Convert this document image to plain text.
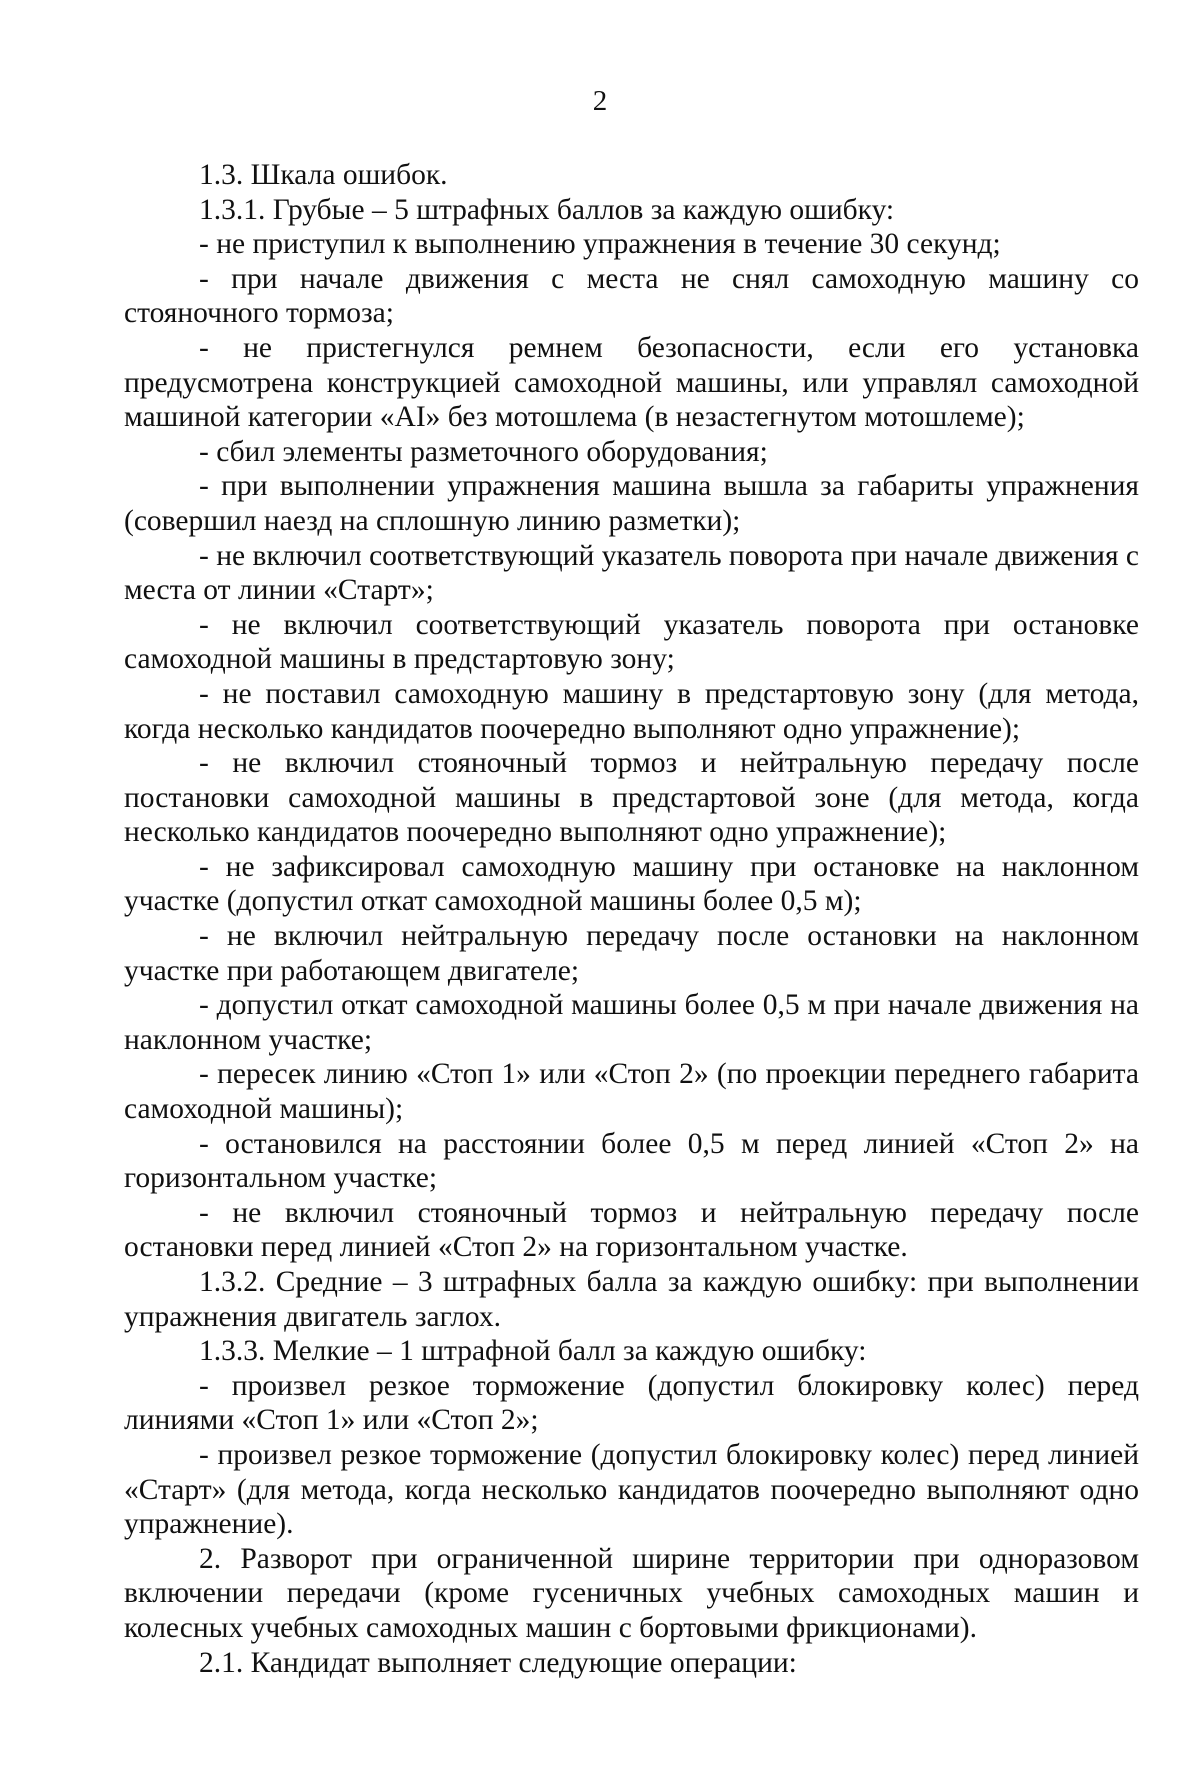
2

1.3. Шкала ошибок.

1.3.1. Грубые – 5 штрафных баллов за каждую ошибку:

- не приступил к выполнению упражнения в течение 30 секунд;

- при начале движения с места не снял самоходную машину со стояночного тормоза;

- не пристегнулся ремнем безопасности, если его установка предусмотрена конструкцией самоходной машины, или управлял самоходной машиной категории «AI» без мотошлема (в незастегнутом мотошлеме);

- сбил элементы разметочного оборудования;

- при выполнении упражнения машина вышла за габариты упражнения (совершил наезд на сплошную линию разметки);

- не включил соответствующий указатель поворота при начале движения с места от линии «Старт»;

- не включил соответствующий указатель поворота при остановке самоходной машины в предстартовую зону;

- не поставил самоходную машину в предстартовую зону (для метода, когда несколько кандидатов поочередно выполняют одно упражнение);

- не включил стояночный тормоз и нейтральную передачу после постановки самоходной машины в предстартовой зоне (для метода, когда несколько кандидатов поочередно выполняют одно упражнение);

- не зафиксировал самоходную машину при остановке на наклонном участке (допустил откат самоходной машины более 0,5 м);

- не включил нейтральную передачу после остановки на наклонном участке при работающем двигателе;

- допустил откат самоходной машины более 0,5 м при начале движения на наклонном участке;

- пересек линию «Стоп 1» или «Стоп 2» (по проекции переднего габарита самоходной машины);

- остановился на расстоянии более 0,5 м перед линией «Стоп 2» на горизонтальном участке;

- не включил стояночный тормоз и нейтральную передачу после остановки перед линией «Стоп 2» на горизонтальном участке.

1.3.2. Средние – 3 штрафных балла за каждую ошибку: при выполнении упражнения двигатель заглох.

1.3.3. Мелкие – 1 штрафной балл за каждую ошибку:

- произвел резкое торможение (допустил блокировку колес) перед линиями «Стоп 1» или «Стоп 2»;

- произвел резкое торможение (допустил блокировку колес) перед линией «Старт» (для метода, когда несколько кандидатов поочередно выполняют одно упражнение).

2. Разворот при ограниченной ширине территории при одноразовом включении передачи (кроме гусеничных учебных самоходных машин и колесных учебных самоходных машин с бортовыми фрикционами).

2.1. Кандидат выполняет следующие операции:
